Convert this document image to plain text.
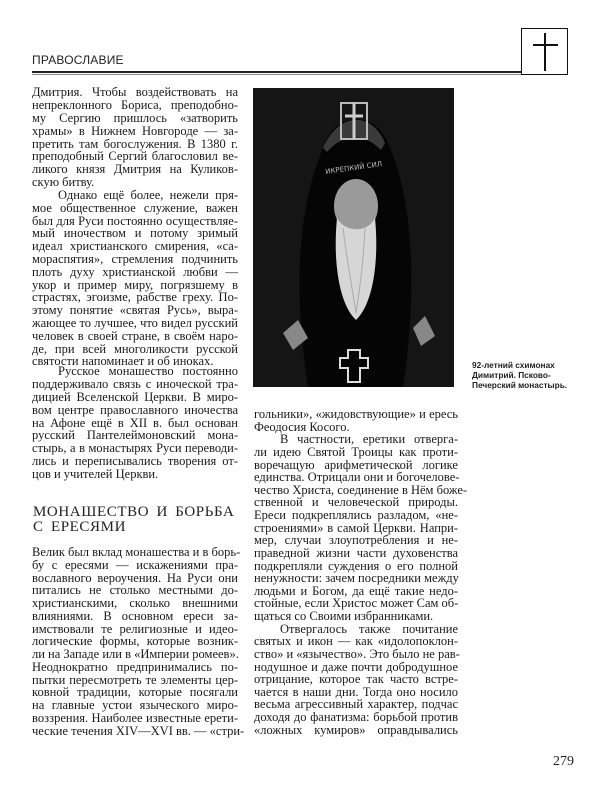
ПРАВОСЛАВИЕ
ИКРЕПКИЙ СИЛ
92-летний схимонах
Димитрий. Псково-
Печерский монастырь.
Дмитрия. Чтобы воздействовать на
непреклонного Бориса, преподобно-
му Сергию пришлось «затворить
храмы» в Нижнем Новгороде — за-
претить там богослужения. В 1380 г.
преподобный Сергий благословил ве-
ликого князя Дмитрия на Куликов-
скую битву.
Однако ещё более, нежели пря-
мое общественное служение, важен
был для Руси постоянно осуществляе-
мый иночеством и потому зримый
идеал христианского смирения, «са-
мораспятия», стремления подчинить
плоть духу христианской любви —
укор и пример миру, погрязшему в
страстях, эгоизме, рабстве греху. По-
этому понятие «святая Русь», выра-
жающее то лучшее, что видел русский
человек в своей стране, в своём наро-
де, при всей многоликости русской
святости напоминает и об иноках.
Русское монашество постоянно
поддерживало связь с иноческой тра-
дицией Вселенской Церкви. В миро-
вом центре православного иночества
на Афоне ещё в XII в. был основан
русский Пантелеймоновский мона-
стырь, а в монастырях Руси переводи-
лись и переписывались творения от-
цов и учителей Церкви.
МОНАШЕСТВО И БОРЬБА
С ЕРЕСЯМИ
Велик был вклад монашества и в борь-
бу с ересями — искажениями пра-
вославного вероучения. На Руси они
питались не столько местными до-
христианскими, сколько внешними
влияниями. В основном ереси за-
имствовали те религиозные и идео-
логические формы, которые возник-
ли на Западе или в «Империи ромеев».
Неоднократно предпринимались по-
пытки пересмотреть те элементы цер-
ковной традиции, которые посягали
на главные устои языческого миро-
воззрения. Наиболее известные ерети-
ческие течения XIV—XVI вв. — «стри-
гольники», «жидовствующие» и ересь
Феодосия Косого.
В частности, еретики отверга-
ли идею Святой Троицы как проти-
воречащую арифметической логике
единства. Отрицали они и богочелове-
чество Христа, соединение в Нём боже-
ственной и человеческой природы.
Ереси подкреплялись разладом, «не-
строениями» в самой Церкви. Напри-
мер, случаи злоупотребления и не-
праведной жизни части духовенства
подкрепляли суждения о его полной
ненужности: зачем посредники между
людьми и Богом, да ещё такие недо-
стойные, если Христос может Сам об-
щаться со Своими избранниками.
Отвергалось также почитание
святых и икон — как «идолопоклон-
ство» и «язычество». Это было не рав-
нодушное и даже почти добродушное
отрицание, которое так часто встре-
чается в наши дни. Тогда оно носило
весьма агрессивный характер, подчас
доходя до фанатизма: борьбой против
«ложных кумиров» оправдывались
279
